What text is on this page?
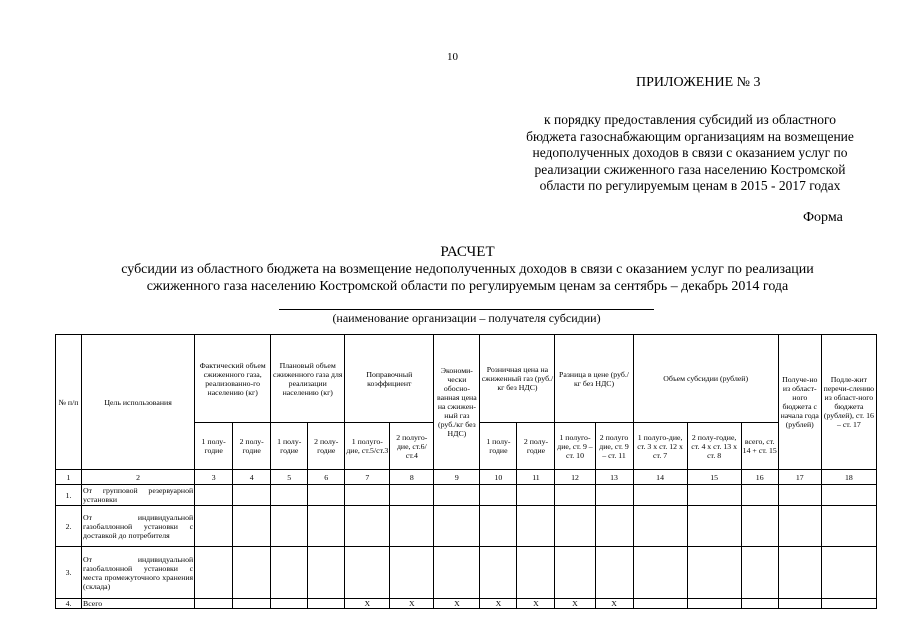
10
ПРИЛОЖЕНИЕ № 3
к порядку предоставления субсидий из областного
бюджета газоснабжающим организациям на возмещение
недополученных доходов в связи с оказанием услуг по
реализации сжиженного газа населению Костромской
области по регулируемым ценам в 2015 - 2017 годах
Форма
РАСЧЕТ
субсидии из областного бюджета на возмещение недополученных доходов в связи с оказанием услуг по реализации
сжиженного газа населению Костромской области по регулируемым ценам за сентябрь – декабрь 2014 года
(наименование организации – получателя субсидии)
№ п/п	Цель использования	Фактический объем сжиженного газа, реализованно-го населению (кг)		Плановый объем сжиженного газа для реализации населению (кг)		Поправочный коэффициент		Экономи-чески обосно-ванная цена на сжижен-ный газ (руб./кг без НДС)	Розничная цена на сжиженный газ (руб./кг без НДС)		Разница в цене (руб./кг без НДС)		Объем субсидии (рублей)			Получе-но из област-ного бюджета с начала года (рублей)	Подле-жит перечи-слению из област-ного бюджета (рублей), ст. 16 – ст. 17
		1 полу-годие	2 полу-годие	1 полу-годие	2 полу-годие	1 полуго-дие, ст.5/ст.3	2 полуго-дие, ст.6/ст.4		1 полу-годие	2 полу-годие	1 полуго-дие, ст. 9 – ст. 10	2 полуго дие, ст. 9 – ст. 11	1 полуго-дие, ст. 3 х ст. 12 х ст. 7	2 полу-годие, ст. 4 х ст. 13 х ст. 8	всего, ст. 14 + ст. 15		
1	2	3	4	5	6	7	8	9	10	11	12	13	14	15	16	17	18
1.	От групповой резервуарной установки																
2.	От индивидуальной газобаллонной установки с доставкой до потребителя																
3.	От индивидуальной газобаллонной установки с места промежуточного хранения (склада)																
4.	Всего					Х	Х	Х	Х	Х	Х	Х					
